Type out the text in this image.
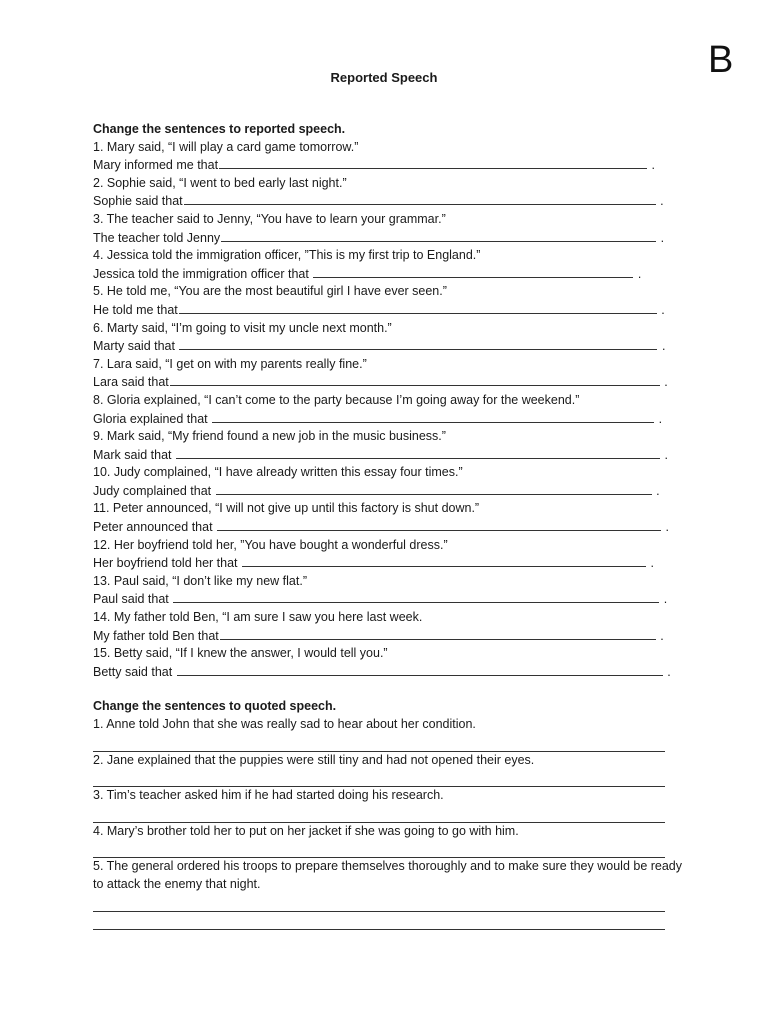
B
Reported Speech
Change the sentences to reported speech.
1. Mary said, “I will play a card game tomorrow.”
Mary informed me that	.
2. Sophie said, “I went to bed early last night.”
Sophie said that	.
3. The teacher said to Jenny, “You have to learn your grammar.”
The teacher told Jenny	.
4. Jessica told the immigration officer, ”This is my first trip to England.”
Jessica told the immigration officer that	.
5. He told me, “You are the most beautiful girl I have ever seen.”
He told me that	.
6. Marty said, “I’m going to visit my uncle next month.”
Marty said that	.
7. Lara said, “I get on with my parents really fine.”
Lara said that	.
8. Gloria explained, “I can’t come to the party because I’m going away for the weekend.”
Gloria explained that	.
9. Mark said, “My friend found a new job in the music business.”
Mark said that	.
10. Judy complained, “I have already written this essay four times.”
Judy complained that	.
11. Peter announced, “I will not give up until this factory is shut down.”
Peter announced that	.
12. Her boyfriend told her, ”You have bought a wonderful dress.”
Her boyfriend told her that	.
13. Paul said, “I don’t like my new flat.”
Paul said that	.
14. My father told Ben, “I am sure I saw you here last week.
My father told Ben that	.
15. Betty said, “If I knew the answer, I would tell you.”
Betty said that	.
Change the sentences to quoted speech.
1. Anne told John that she was really sad to hear about her condition.
2. Jane explained that the puppies were still tiny and had not opened their eyes.
3. Tim’s teacher asked him if he had started doing his research.
4. Mary’s brother told her to put on her jacket if she was going to go with him.
5. The general ordered his troops to prepare themselves thoroughly and to make sure they would be ready to attack the enemy that night.
